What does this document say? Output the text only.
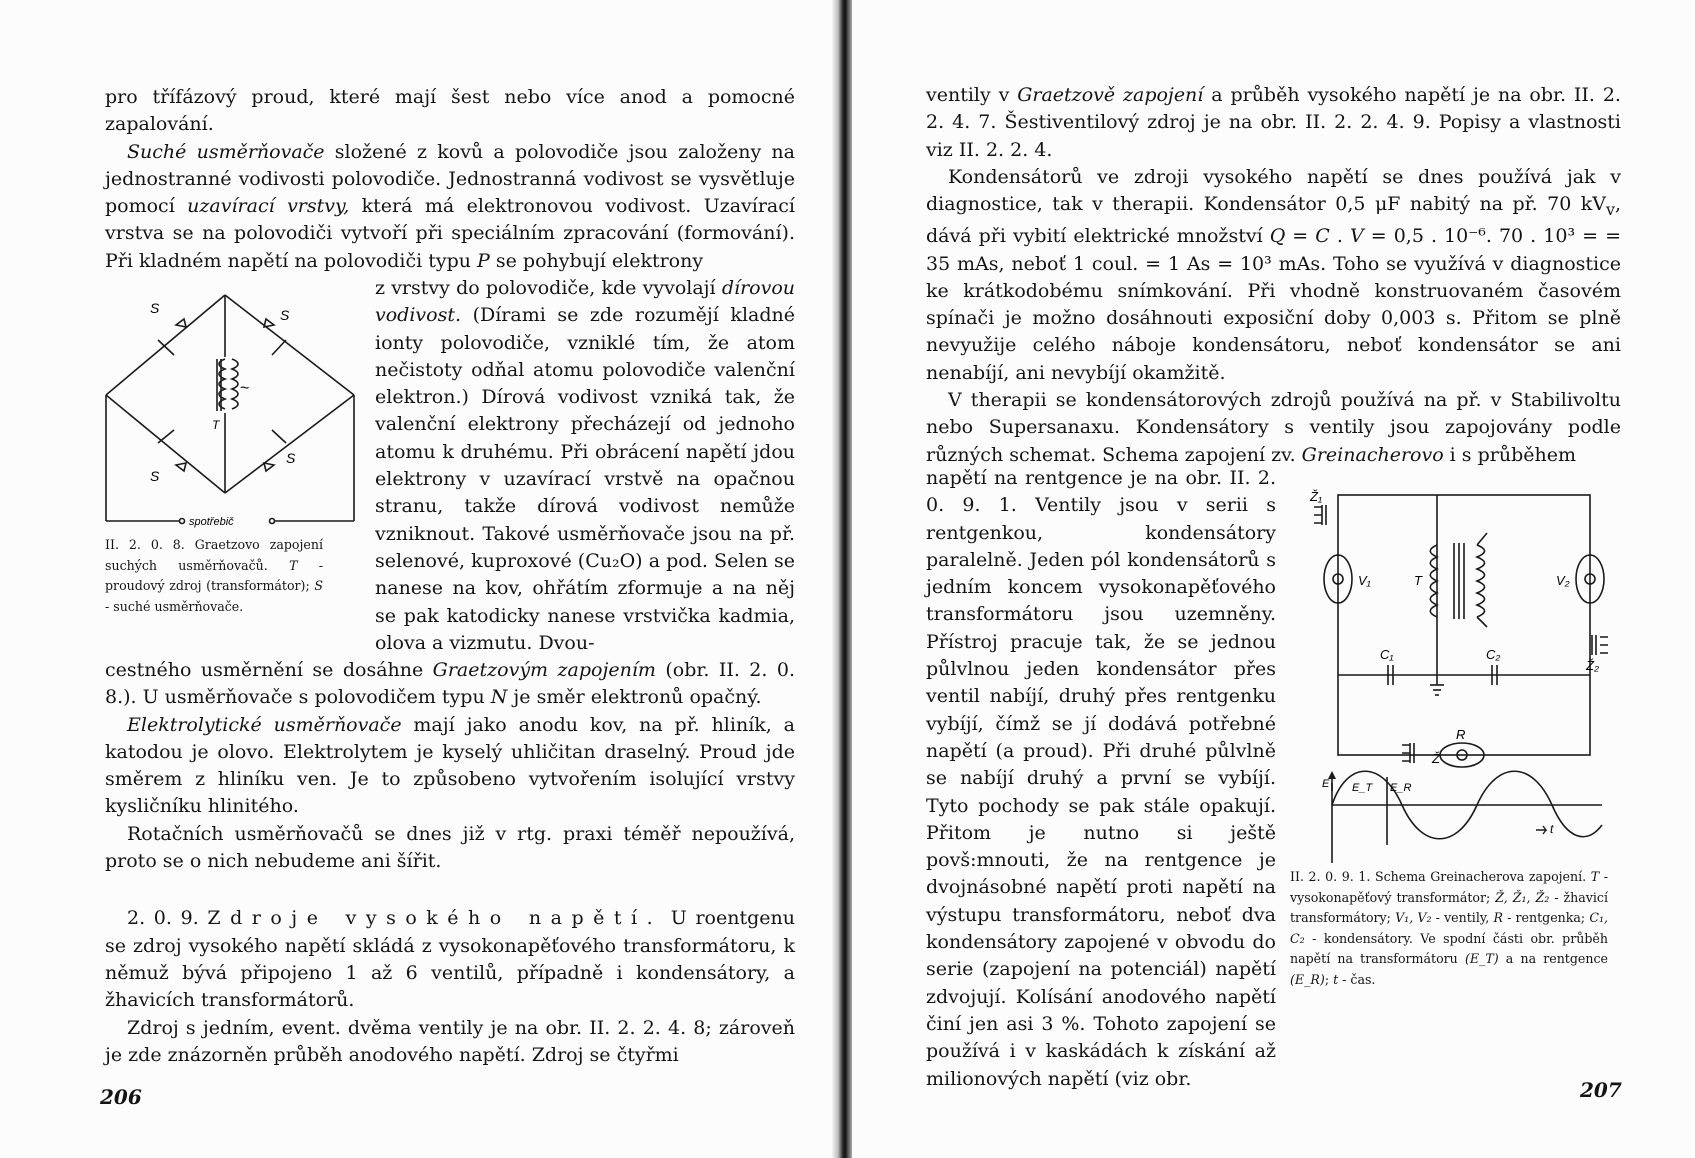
pro třífázový proud, které mají šest nebo více anod a pomocné zapalování.

Suché usměrňovače složené z kovů a polovodiče jsou založeny na jednostranné vodivosti polovodiče. Jednostranná vodivost se vysvětluje pomocí uzavírací vrstvy, která má elektronovou vodivost. Uzavírací vrstva se na polovodiči vytvoří při speciálním zpracování (formování). Při kladném napětí na polovodiči typu P se pohybují elektrony

z vrstvy do polovodiče, kde vyvolají dírovou vodivost. (Dírami se zde rozumějí kladné ionty polovodiče, vzniklé tím, že atom nečistoty odňal atomu polovodiče valenční elektron.) Dírová vodivost vzniká tak, že valenční elektrony přecházejí od jednoho atomu k druhému. Při obrácení napětí jdou elektrony v uzavírací vrstvě na opačnou stranu, takže dírová vodivost nemůže vzniknout. Takové usměrňovače jsou na př. selenové, kuproxové (Cu₂O) a pod. Selen se nanese na kov, ohřátím zformuje a na něj se pak katodicky nanese vrstvička kadmia, olova a vizmutu. Dvou-

S	S
S
S
T
~
spotřebič
II. 2. 0. 8. Graetzovo zapojení suchých usměrňovačů. T - proudový zdroj (transformátor); S - suché usměrňovače.

cestného usměrnění se dosáhne Graetzovým zapojením (obr. II. 2. 0. 8.). U usměrňovače s polovodičem typu N je směr elektronů opačný.

Elektrolytické usměrňovače mají jako anodu kov, na př. hliník, a katodou je olovo. Elektrolytem je kyselý uhličitan draselný. Proud jde směrem z hliníku ven. Je to způsobeno vytvořením isolující vrstvy kysličníku hlinitého.

Rotačních usměrňovačů se dnes již v rtg. praxi téměř nepoužívá, proto se o nich nebudeme ani šířit.

2. 0. 9. Zdroje vysokého napětí. U roentgenu se zdroj vysokého napětí skládá z vysokonapěťového transformátoru, k němuž bývá připojeno 1 až 6 ventilů, případně i kondensátory, a žhavicích transformátorů.

Zdroj s jedním, event. dvěma ventily je na obr. II. 2. 2. 4. 8; zároveň je zde znázorněn průběh anodového napětí. Zdroj se čtyřmi

206

ventily v Graetzově zapojení a průběh vysokého napětí je na obr. II. 2. 2. 4. 7. Šestiventilový zdroj je na obr. II. 2. 2. 4. 9. Popisy a vlastnosti viz II. 2. 2. 4.

Kondensátorů ve zdroji vysokého napětí se dnes používá jak v diagnostice, tak v therapii. Kondensátor 0,5 μF nabitý na př. 70 $kV_v$, dává při vybití elektrické množství Q = C . V = 0,5 . 10⁻⁶. 70 . 10³ = = 35 mAs, neboť 1 coul. = 1 As = 10³ mAs. Toho se využívá v diagnostice ke krátkodobému snímkování. Při vhodně konstruovaném časovém spínači je možno dosáhnouti exposiční doby 0,003 s. Přitom se plně nevyužije celého náboje kondensátoru, neboť kondensátor se ani nenabíjí, ani nevybíjí okamžitě.

V therapii se kondensátorových zdrojů používá na př. v Stabilivoltu nebo Supersanaxu. Kondensátory s ventily jsou zapojovány podle různých schemat. Schema zapojení zv. Greinacherovo i s průběhem

napětí na rentgence je na obr. II. 2. 0. 9. 1. Ventily jsou v serii s rentgenkou, kondensátory paralelně. Jeden pól kondensátorů s jedním koncem vysokonapěťového transformátoru jsou uzemněny. Přístroj pracuje tak, že se jednou půlvlnou jeden kondensátor přes ventil nabíjí, druhý přes rentgenku vybíjí, čímž se jí dodává potřebné napětí (a proud). Při druhé půlvlně se nabíjí druhý a první se vybíjí. Tyto pochody se pak stále opakují. Přitom je nutno si ještě povš:mnouti, že na rentgence je dvojnásobné napětí proti napětí na výstupu transformátoru, neboť dva kondensátory zapojené v obvodu do serie (zapojení na potenciál) napětí zdvojují. Kolísání anodového napětí činí jen asi 3 %. Tohoto zapojení se používá i v kaskádách k získání až milionových napětí (viz obr.

Ž₁
V₁	T	V₂
Ž₂
C₁	C₂
R
Ž
E E_T E_R
t
II. 2. 0. 9. 1. Schema Greinacherova zapojení. T - vysokonapěťový transformátor; Ž, Ž₁, Ž₂ - žhavicí transformátory; V₁, V₂ - ventily, R - rentgenka; C₁, C₂ - kondensátory. Ve spodní části obr. průběh napětí na transformátoru (E_T) a na rentgence (E_R); t - čas.
207
